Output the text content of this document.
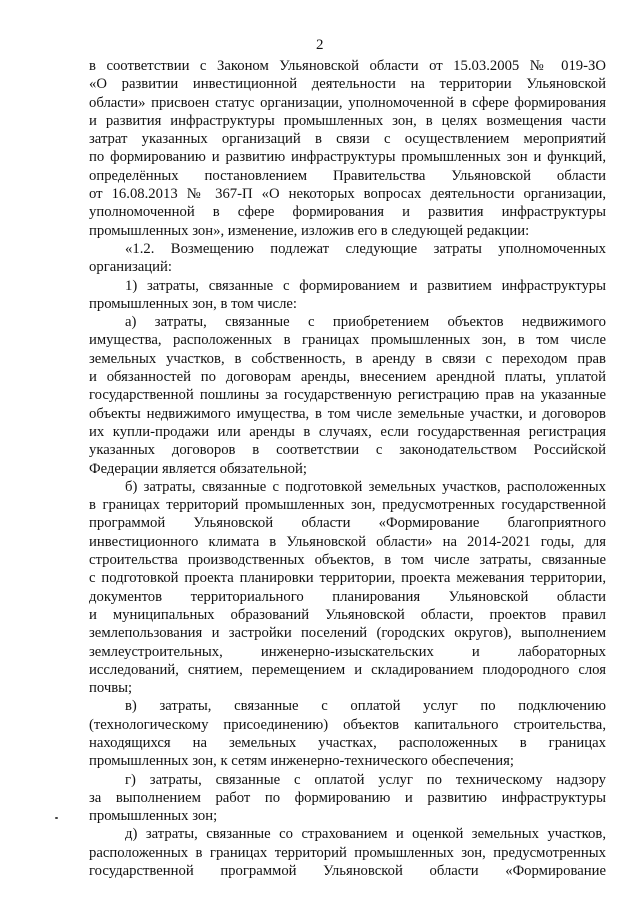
2
в соответствии с Законом Ульяновской области от 15.03.2005 № 019-ЗО
«О развитии инвестиционной деятельности на территории Ульяновской
области» присвоен статус организации, уполномоченной в сфере формирования
и развития инфраструктуры промышленных зон, в целях возмещения части
затрат указанных организаций в связи с осуществлением мероприятий
по формированию и развитию инфраструктуры промышленных зон и функций,
определённых постановлением Правительства Ульяновской области
от 16.08.2013 № 367-П «О некоторых вопросах деятельности организации,
уполномоченной в сфере формирования и развития инфраструктуры
промышленных зон», изменение, изложив его в следующей редакции:
«1.2. Возмещению подлежат следующие затраты уполномоченных
организаций:
1) затраты, связанные с формированием и развитием инфраструктуры
промышленных зон, в том числе:
а) затраты, связанные с приобретением объектов недвижимого
имущества, расположенных в границах промышленных зон, в том числе
земельных участков, в собственность, в аренду в связи с переходом прав
и обязанностей по договорам аренды, внесением арендной платы, уплатой
государственной пошлины за государственную регистрацию прав на указанные
объекты недвижимого имущества, в том числе земельные участки, и договоров
их купли-продажи или аренды в случаях, если государственная регистрация
указанных договоров в соответствии с законодательством Российской
Федерации является обязательной;
б) затраты, связанные с подготовкой земельных участков, расположенных
в границах территорий промышленных зон, предусмотренных государственной
программой Ульяновской области «Формирование благоприятного
инвестиционного климата в Ульяновской области» на 2014-2021 годы, для
строительства производственных объектов, в том числе затраты, связанные
с подготовкой проекта планировки территории, проекта межевания территории,
документов территориального планирования Ульяновской области
и муниципальных образований Ульяновской области, проектов правил
землепользования и застройки поселений (городских округов), выполнением
землеустроительных, инженерно-изыскательских и лабораторных
исследований, снятием, перемещением и складированием плодородного слоя
почвы;
в) затраты, связанные с оплатой услуг по подключению
(технологическому присоединению) объектов капитального строительства,
находящихся на земельных участках, расположенных в границах
промышленных зон, к сетям инженерно-технического обеспечения;
г) затраты, связанные с оплатой услуг по техническому надзору
за выполнением работ по формированию и развитию инфраструктуры
промышленных зон;
д) затраты, связанные со страхованием и оценкой земельных участков,
расположенных в границах территорий промышленных зон, предусмотренных
государственной программой Ульяновской области «Формирование
